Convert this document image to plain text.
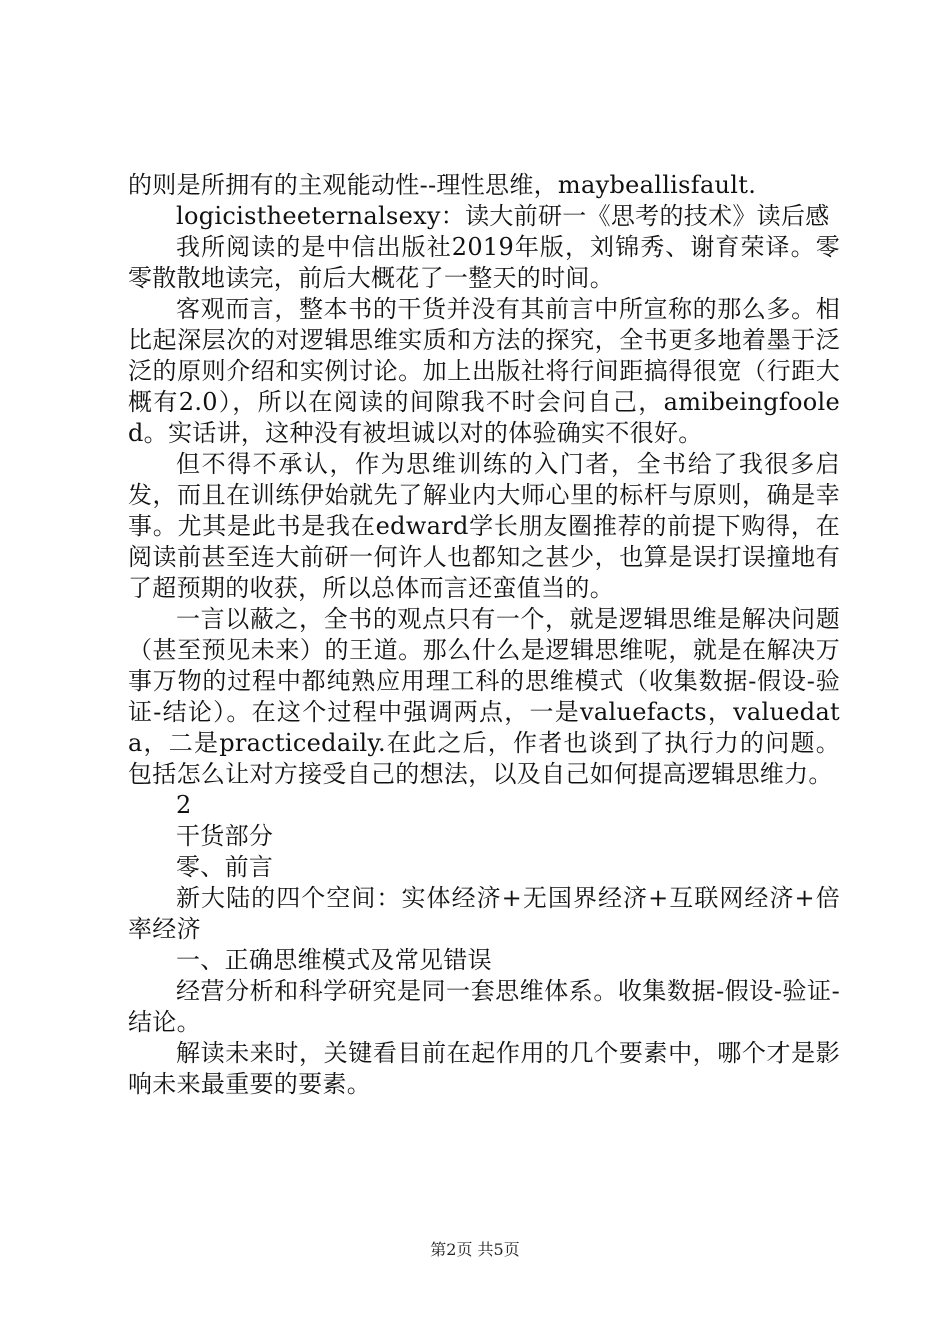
的则是所拥有的主观能动性--理性思维，maybeallisfault.

logicistheeternalsexy：读大前研一《思考的技术》读后感

我所阅读的是中信出版社2019年版，刘锦秀、谢育荣译。零零散散地读完，前后大概花了一整天的时间。

客观而言，整本书的干货并没有其前言中所宣称的那么多。相比起深层次的对逻辑思维实质和方法的探究，全书更多地着墨于泛泛的原则介绍和实例讨论。加上出版社将行间距搞得很宽（行距大概有2.0），所以在阅读的间隙我不时会问自己，amibeingfooled。实话讲，这种没有被坦诚以对的体验确实不很好。

但不得不承认，作为思维训练的入门者，全书给了我很多启发，而且在训练伊始就先了解业内大师心里的标杆与原则，确是幸事。尤其是此书是我在edward学长朋友圈推荐的前提下购得，在阅读前甚至连大前研一何许人也都知之甚少，也算是误打误撞地有了超预期的收获，所以总体而言还蛮值当的。

一言以蔽之，全书的观点只有一个，就是逻辑思维是解决问题（甚至预见未来）的王道。那么什么是逻辑思维呢，就是在解决万事万物的过程中都纯熟应用理工科的思维模式（收集数据-假设-验证-结论）。在这个过程中强调两点，一是valuefacts，valuedata，二是practicedaily.在此之后，作者也谈到了执行力的问题。包括怎么让对方接受自己的想法，以及自己如何提高逻辑思维力。

2

干货部分

零、前言

新大陆的四个空间：实体经济+无国界经济+互联网经济+倍率经济

一、正确思维模式及常见错误

经营分析和科学研究是同一套思维体系。收集数据-假设-验证-结论。

解读未来时，关键看目前在起作用的几个要素中，哪个才是影响未来最重要的要素。

第2页 共5页
